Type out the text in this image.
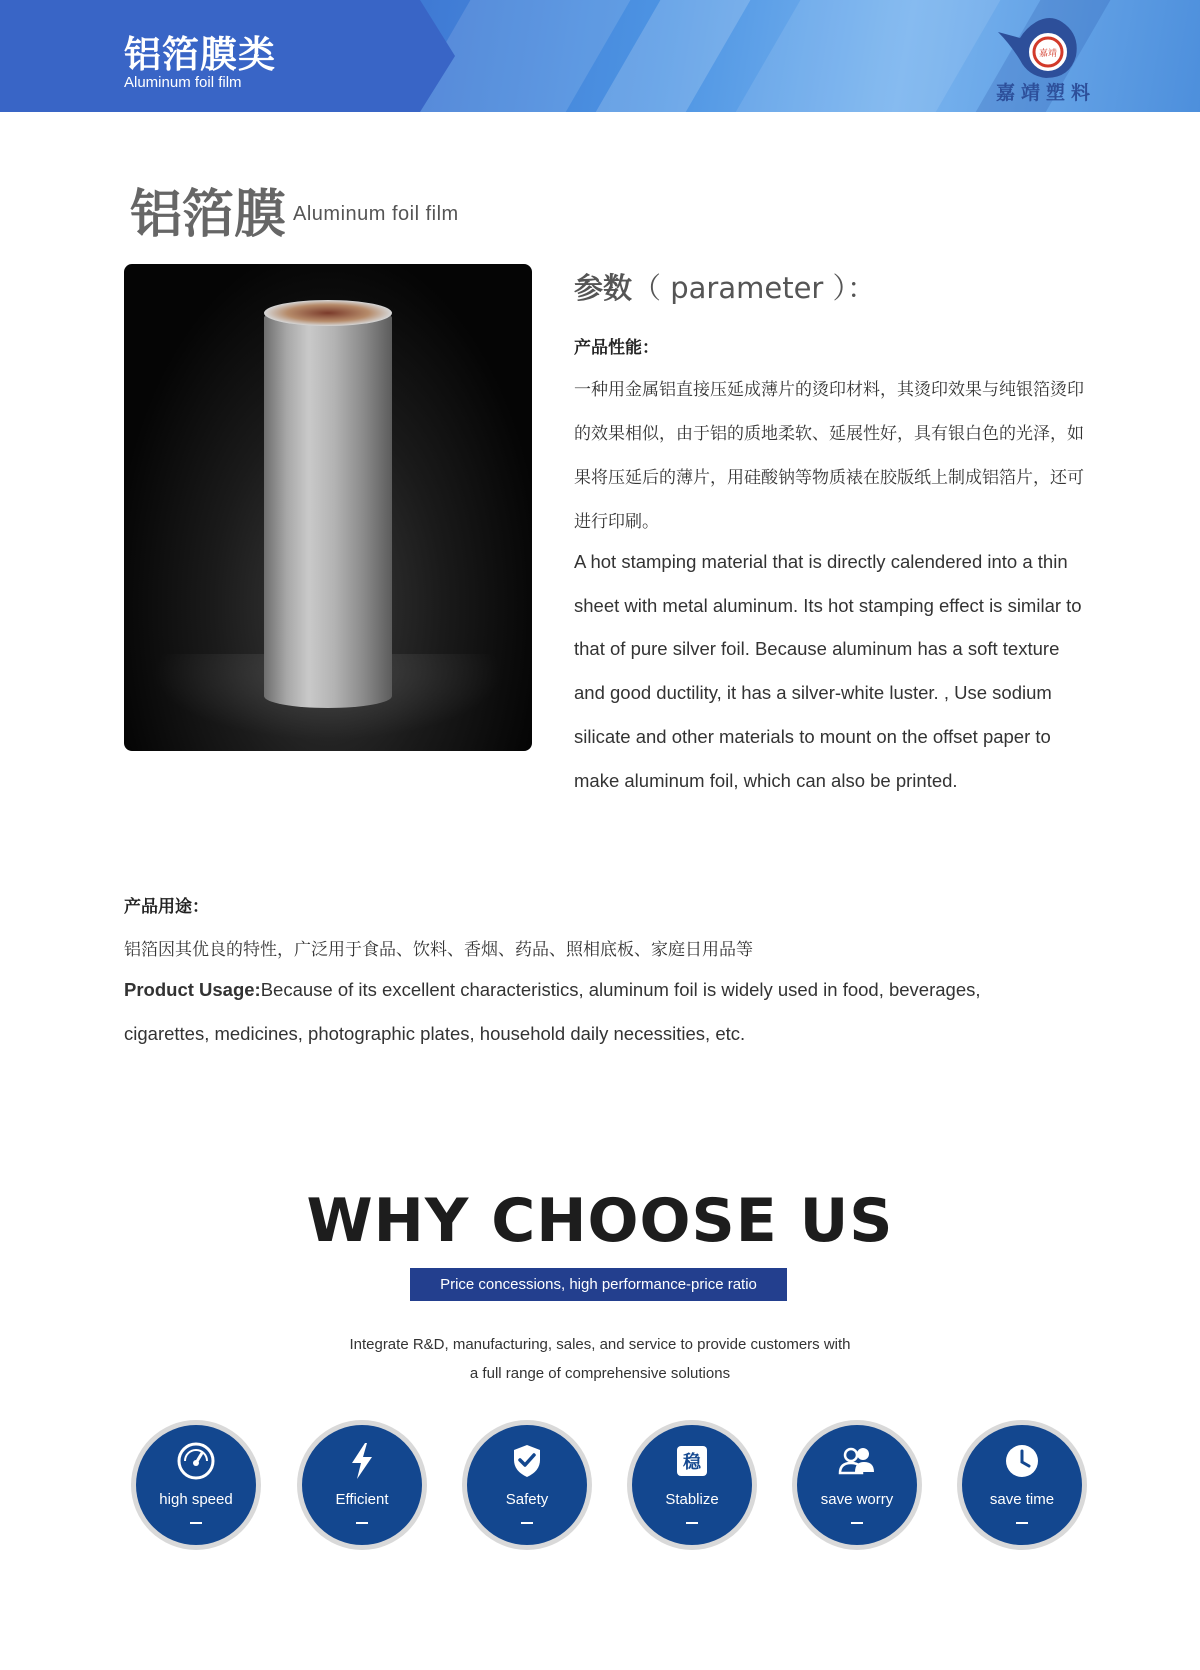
铝箔膜类
Aluminum foil film
嘉靖
嘉靖塑料
铝箔膜 Aluminum foil film
参数（ parameter ）：
产品性能：
一种用金属铝直接压延成薄片的烫印材料，其烫印效果与纯银箔烫印的效果相似，由于铝的质地柔软、延展性好，具有银白色的光泽，如果将压延后的薄片，用硅酸钠等物质裱在胶版纸上制成铝箔片，还可进行印刷。
A hot stamping material that is directly calendered into a thin sheet with metal aluminum. Its hot stamping effect is similar to that of pure silver foil. Because aluminum has a soft texture and good ductility, it has a silver-white luster. , Use sodium silicate and other materials to mount on the offset paper to make aluminum foil, which can also be printed.
产品用途：
铝箔因其优良的特性，广泛用于食品、饮料、香烟、药品、照相底板、家庭日用品等
Product Usage:Because of its excellent characteristics, aluminum foil is widely used in food, beverages, cigarettes, medicines, photographic plates, household daily necessities, etc.
WHY CHOOSE US
Price concessions, high performance-price ratio
Integrate R&D, manufacturing, sales, and service to provide customers with
a full range of comprehensive solutions
high speed	Efficient	Safety
稳
Stablize	save worry	save time
